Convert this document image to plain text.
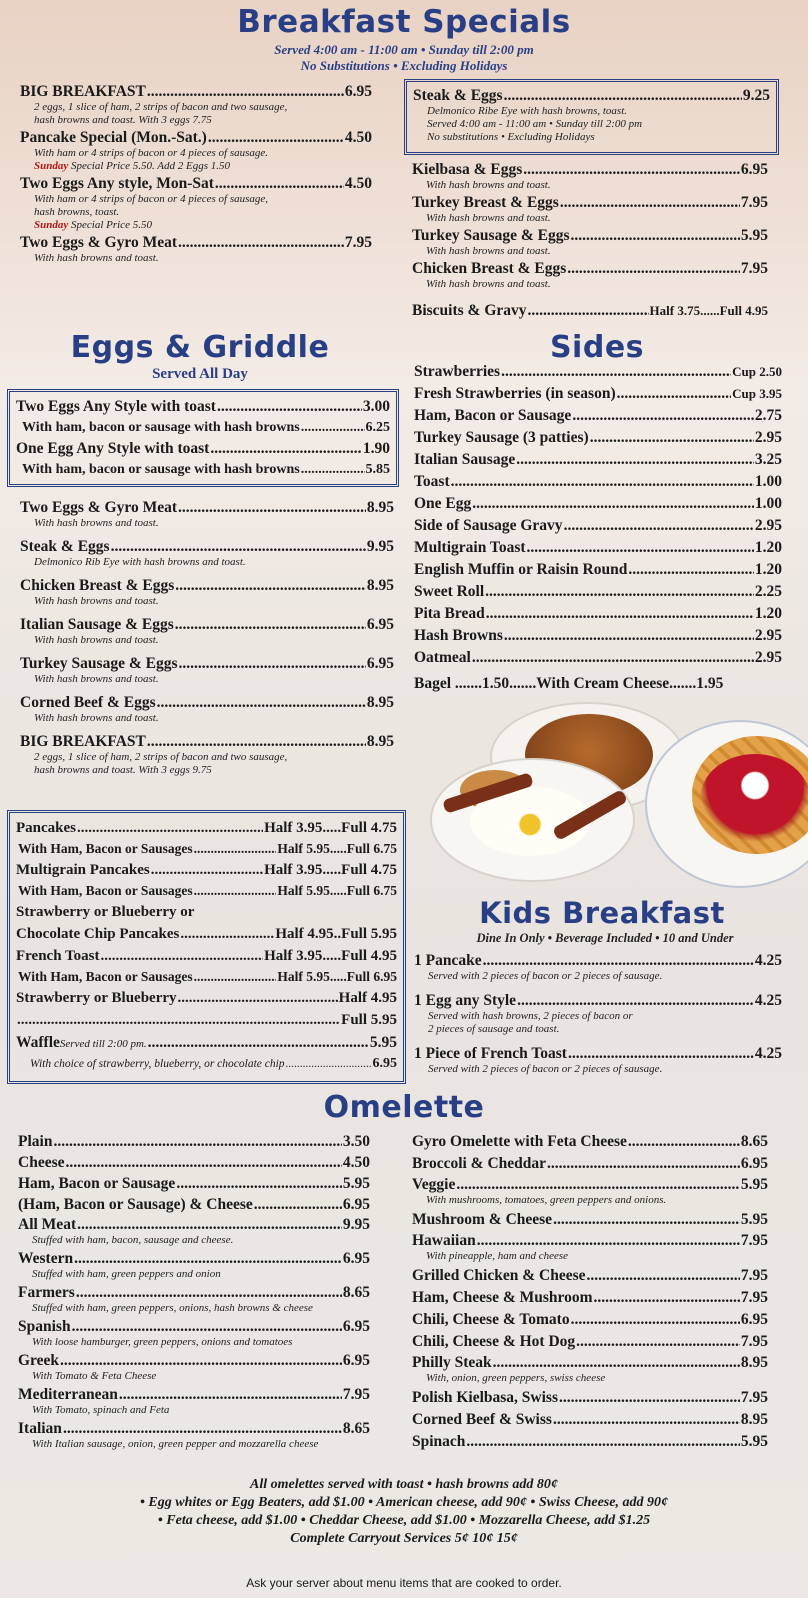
Breakfast Specials
Served 4:00 am - 11:00 am • Sunday till 2:00 pm
No Substitutions • Excluding Holidays
BIG BREAKFAST .....	6.95
2 eggs, 1 slice of ham, 2 strips of bacon and two sausage,
hash browns and toast. With 3 eggs 7.75
Pancake Special (Mon.-Sat.) .....	4.50
With ham or 4 strips of bacon or 4 pieces of sausage.
Sunday Special Price 5.50. Add 2 Eggs 1.50
Two Eggs Any style, Mon-Sat .....	4.50
With ham or 4 strips of bacon or 4 pieces of sausage,
hash browns, toast.
Sunday Special Price 5.50
Two Eggs & Gyro Meat .....	7.95
With hash browns and toast.
Steak & Eggs .....	9.25
Delmonico Ribe Eye with hash browns, toast.
Served 4:00 am - 11:00 am • Sunday till 2:00 pm
No substitutions • Excluding Holidays
Kielbasa & Eggs .....	6.95
With hash browns and toast.
Turkey Breast & Eggs .....	7.95
With hash browns and toast.
Turkey Sausage & Eggs .....	5.95
With hash browns and toast.
Chicken Breast & Eggs .....	7.95
With hash browns and toast.
Biscuits & Gravy .....	Half 3.75......Full 4.95
Eggs & Griddle
Served All Day
Two Eggs Any Style with toast .....	3.00
With ham, bacon or sausage with hash browns .....	6.25
One Egg Any Style with toast .....	1.90
With ham, bacon or sausage with hash browns .....	5.85
Two Eggs & Gyro Meat .....	8.95
With hash browns and toast.
Steak & Eggs .....	9.95
Delmonico Rib Eye with hash browns and toast.
Chicken Breast & Eggs .....	8.95
With hash browns and toast.
Italian Sausage & Eggs .....	6.95
With hash browns and toast.
Turkey Sausage & Eggs .....	6.95
With hash browns and toast.
Corned Beef & Eggs .....	8.95
With hash browns and toast.
BIG BREAKFAST .....	8.95
2 eggs, 1 slice of ham, 2 strips of bacon and two sausage,
hash browns and toast. With 3 eggs 9.75
Pancakes .....	Half 3.95.....Full 4.75
With Ham, Bacon or Sausages .....	Half 5.95.....Full 6.75
Multigrain Pancakes .....	Half 3.95.....Full 4.75
With Ham, Bacon or Sausages .....	Half 5.95.....Full 6.75
Strawberry or Blueberry or
Chocolate Chip Pancakes .....	Half 4.95..Full 5.95
French Toast .....	Half 3.95.....Full 4.95
With Ham, Bacon or Sausages .....	Half 5.95.....Full 6.95
Strawberry or Blueberry .....	Half 4.95
.....
Full 5.95
Waffle Served till 2:00 pm. .....	5.95
With choice of strawberry, blueberry, or chocolate chip .....	6.95
Sides
Strawberries .....	Cup 2.50
Fresh Strawberries (in season) .....	Cup 3.95
Ham, Bacon or Sausage .....	2.75
Turkey Sausage (3 patties) .....	2.95
Italian Sausage .....	3.25
Toast .....	1.00
One Egg .....	1.00
Side of Sausage Gravy .....	2.95
Multigrain Toast .....	1.20
English Muffin or Raisin Round .....	1.20
Sweet Roll .....	2.25
Pita Bread .....	1.20
Hash Browns .....	2.95
Oatmeal .....	2.95
Bagel .......1.50.......With Cream Cheese.......1.95
Kids Breakfast
Dine In Only • Beverage Included • 10 and Under
1 Pancake .....	4.25
Served with 2 pieces of bacon or 2 pieces of sausage.
1 Egg any Style .....	4.25
Served with hash browns, 2 pieces of bacon or
2 pieces of sausage and toast.
1 Piece of French Toast .....	4.25
Served with 2 pieces of bacon or 2 pieces of sausage.
Omelette
Plain .....	3.50
Cheese .....	4.50
Ham, Bacon or Sausage .....	5.95
(Ham, Bacon or Sausage) & Cheese .....	6.95
All Meat .....	9.95
Stuffed with ham, bacon, sausage and cheese.
Western .....	6.95
Stuffed with ham, green peppers and onion
Farmers .....	8.65
Stuffed with ham, green peppers, onions, hash browns & cheese
Spanish .....	6.95
With loose hamburger, green peppers, onions and tomatoes
Greek .....	6.95
With Tomato & Feta Cheese
Mediterranean .....	7.95
With Tomato, spinach and Feta
Italian .....	8.65
With Italian sausage, onion, green pepper and mozzarella cheese
Gyro Omelette with Feta Cheese .....	8.65
Broccoli & Cheddar .....	6.95
Veggie .....	5.95
With mushrooms, tomatoes, green peppers and onions.
Mushroom & Cheese .....	5.95
Hawaiian .....	7.95
With pineapple, ham and cheese
Grilled Chicken & Cheese .....	7.95
Ham, Cheese & Mushroom .....	7.95
Chili, Cheese & Tomato .....	6.95
Chili, Cheese & Hot Dog .....	7.95
Philly Steak .....	8.95
With, onion, green peppers, swiss cheese
Polish Kielbasa, Swiss .....	7.95
Corned Beef & Swiss .....	8.95
Spinach .....	5.95
All omelettes served with toast • hash browns add 80¢
• Egg whites or Egg Beaters, add $1.00 • American cheese, add 90¢ • Swiss Cheese, add 90¢
• Feta cheese, add $1.00 • Cheddar Cheese, add $1.00 • Mozzarella Cheese, add $1.25
Complete Carryout Services 5¢ 10¢ 15¢
Ask your server about menu items that are cooked to order.
